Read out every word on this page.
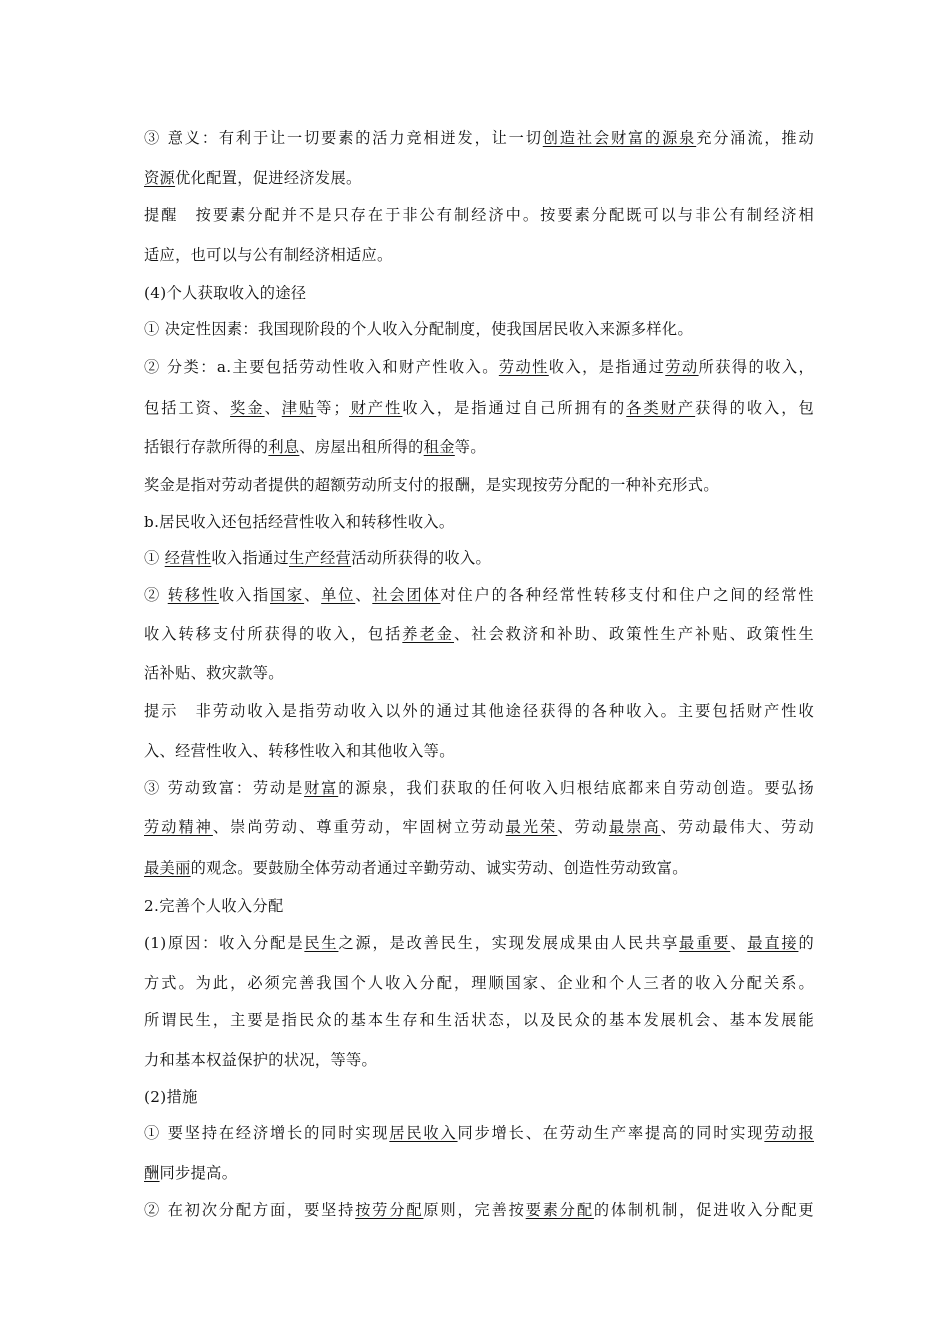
③ 意义：有利于让一切要素的活力竞相迸发，让一切创造社会财富的源泉充分涌流，推动
资源优化配置，促进经济发展。
提醒　按要素分配并不是只存在于非公有制经济中。按要素分配既可以与非公有制经济相
适应，也可以与公有制经济相适应。
(4)个人获取收入的途径
① 决定性因素：我国现阶段的个人收入分配制度，使我国居民收入来源多样化。
② 分类：a.主要包括劳动性收入和财产性收入。劳动性收入，是指通过劳动所获得的收入，
包括工资、奖金、津贴等；财产性收入，是指通过自己所拥有的各类财产获得的收入，包
括银行存款所得的利息、房屋出租所得的租金等。
奖金是指对劳动者提供的超额劳动所支付的报酬，是实现按劳分配的一种补充形式。
b.居民收入还包括经营性收入和转移性收入。
① 经营性收入指通过生产经营活动所获得的收入。
② 转移性收入指国家、单位、社会团体对住户的各种经常性转移支付和住户之间的经常性
收入转移支付所获得的收入，包括养老金、社会救济和补助、政策性生产补贴、政策性生
活补贴、救灾款等。
提示　非劳动收入是指劳动收入以外的通过其他途径获得的各种收入。主要包括财产性收
入、经营性收入、转移性收入和其他收入等。
③ 劳动致富：劳动是财富的源泉，我们获取的任何收入归根结底都来自劳动创造。要弘扬
劳动精神、崇尚劳动、尊重劳动，牢固树立劳动最光荣、劳动最崇高、劳动最伟大、劳动
最美丽的观念。要鼓励全体劳动者通过辛勤劳动、诚实劳动、创造性劳动致富。
2.完善个人收入分配
(1)原因：收入分配是民生之源，是改善民生，实现发展成果由人民共享最重要、最直接的
方式。为此，必须完善我国个人收入分配，理顺国家、企业和个人三者的收入分配关系。
所谓民生，主要是指民众的基本生存和生活状态，以及民众的基本发展机会、基本发展能
力和基本权益保护的状况，等等。
(2)措施
① 要坚持在经济增长的同时实现居民收入同步增长、在劳动生产率提高的同时实现劳动报
酬同步提高。
② 在初次分配方面，要坚持按劳分配原则，完善按要素分配的体制机制，促进收入分配更
